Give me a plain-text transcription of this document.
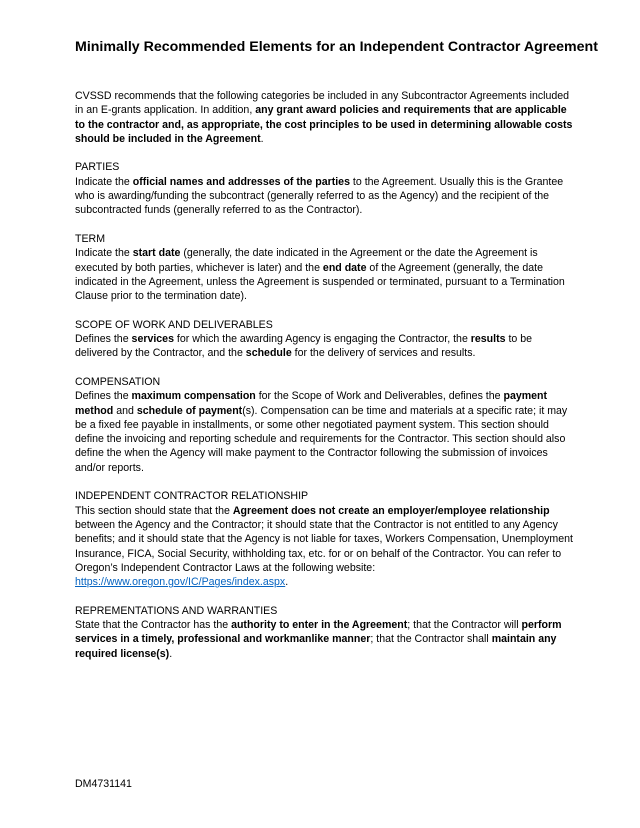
Minimally Recommended Elements for an Independent Contractor Agreement

CVSSD recommends that the following categories be included in any Subcontractor Agreements included in an E-grants application. In addition, any grant award policies and requirements that are applicable to the contractor and, as appropriate, the cost principles to be used in determining allowable costs should be included in the Agreement.

PARTIES
Indicate the official names and addresses of the parties to the Agreement. Usually this is the Grantee who is awarding/funding the subcontract (generally referred to as the Agency) and the recipient of the subcontracted funds (generally referred to as the Contractor).

TERM
Indicate the start date (generally, the date indicated in the Agreement or the date the Agreement is executed by both parties, whichever is later) and the end date of the Agreement (generally, the date indicated in the Agreement, unless the Agreement is suspended or terminated, pursuant to a Termination Clause prior to the termination date).

SCOPE OF WORK AND DELIVERABLES
Defines the services for which the awarding Agency is engaging the Contractor, the results to be delivered by the Contractor, and the schedule for the delivery of services and results.

COMPENSATION
Defines the maximum compensation for the Scope of Work and Deliverables, defines the payment method and schedule of payment(s). Compensation can be time and materials at a specific rate; it may be a fixed fee payable in installments, or some other negotiated payment system. This section should define the invoicing and reporting schedule and requirements for the Contractor. This section should also define the when the Agency will make payment to the Contractor following the submission of invoices and/or reports.

INDEPENDENT CONTRACTOR RELATIONSHIP
This section should state that the Agreement does not create an employer/employee relationship between the Agency and the Contractor; it should state that the Contractor is not entitled to any Agency benefits; and it should state that the Agency is not liable for taxes, Workers Compensation, Unemployment Insurance, FICA, Social Security, withholding tax, etc. for or on behalf of the Contractor. You can refer to Oregon’s Independent Contractor Laws at the following website: https://www.oregon.gov/IC/Pages/index.aspx.

REPREMENTATIONS AND WARRANTIES
State that the Contractor has the authority to enter in the Agreement; that the Contractor will perform services in a timely, professional and workmanlike manner; that the Contractor shall maintain any required license(s).

DM4731141
